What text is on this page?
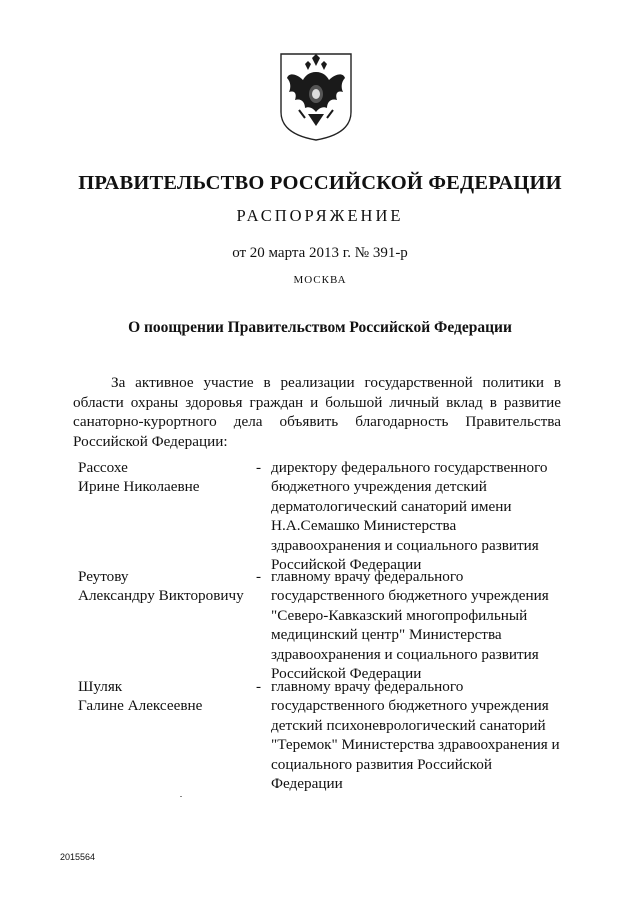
ПРАВИТЕЛЬСТВО РОССИЙСКОЙ ФЕДЕРАЦИИ
РАСПОРЯЖЕНИЕ
от 20 марта 2013 г. № 391-р
МОСКВА
О поощрении Правительством Российской Федерации
За активное участие в реализации государственной политики в области охраны здоровья граждан и большой личный вклад в развитие санаторно-курортного дела объявить благодарность Правительства Российской Федерации:
Рассохе
Ирине Николаевне
- директору федерального государственного бюджетного учреждения детский дерматологический санаторий имени Н.А.Семашко Министерства здравоохранения и социального развития Российской Федерации
Реутову
Александру Викторовичу
- главному врачу федерального государственного бюджетного учреждения "Северо-Кавказский многопрофильный медицинский центр" Министерства здравоохранения и социального развития Российской Федерации
Шуляк
Галине Алексеевне
- главному врачу федерального государственного бюджетного учреждения детский психоневрологический санаторий "Теремок" Министерства здравоохранения и социального развития Российской Федерации
2015564
